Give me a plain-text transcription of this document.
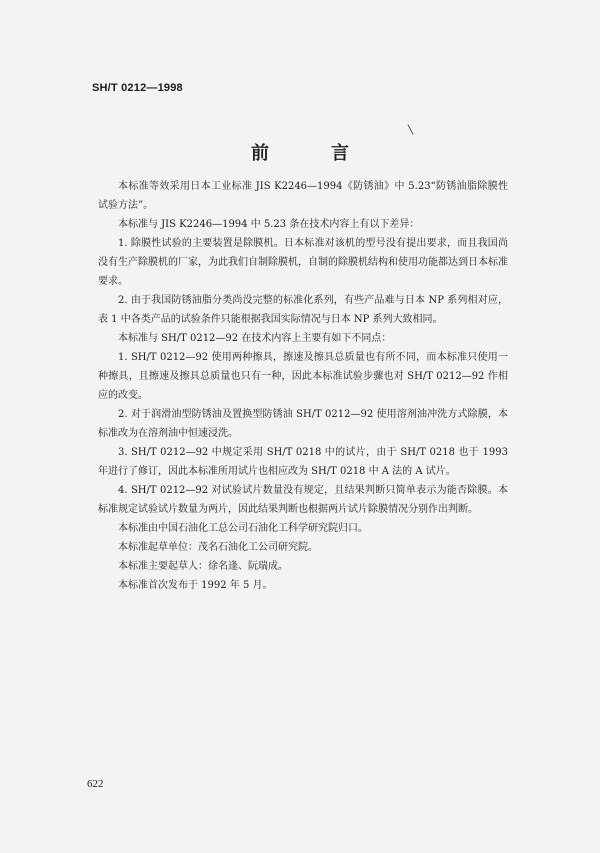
SH/T 0212—1998
前　言

本标准等效采用日本工业标准 JIS K2246—1994《防锈油》中 5.23“防锈油脂除膜性试验方法”。

本标准与 JIS K2246—1994 中 5.23 条在技术内容上有以下差异：

1. 除膜性试验的主要装置是除膜机。日本标准对该机的型号没有提出要求，而且我国尚没有生产除膜机的厂家，为此我们自制除膜机，自制的除膜机结构和使用功能都达到日本标准要求。

2. 由于我国防锈油脂分类尚没完整的标准化系列，有些产品难与日本 NP 系列相对应，表 1 中各类产品的试验条件只能根据我国实际情况与日本 NP 系列大致相同。

本标准与 SH/T 0212—92 在技术内容上主要有如下不同点：

1. SH/T 0212—92 使用两种擦具，擦速及擦具总质量也有所不同，而本标准只使用一种擦具，且擦速及擦具总质量也只有一种，因此本标准试验步骤也对 SH/T 0212—92 作相应的改变。

2. 对于润滑油型防锈油及置换型防锈油 SH/T 0212—92 使用溶剂油冲洗方式除膜，本标准改为在溶剂油中恒速浸洗。

3. SH/T 0212—92 中规定采用 SH/T 0218 中的试片，由于 SH/T 0218 也于 1993 年进行了修订，因此本标准所用试片也相应改为 SH/T 0218 中 A 法的 A 试片。

4. SH/T 0212—92 对试验试片数量没有规定，且结果判断只简单表示为能否除膜。本标准规定试验试片数量为两片，因此结果判断也根据两片试片除膜情况分别作出判断。

本标准由中国石油化工总公司石油化工科学研究院归口。

本标准起草单位：茂名石油化工公司研究院。

本标准主要起草人：徐名逢、阮瑞成。

本标准首次发布于 1992 年 5 月。

622
